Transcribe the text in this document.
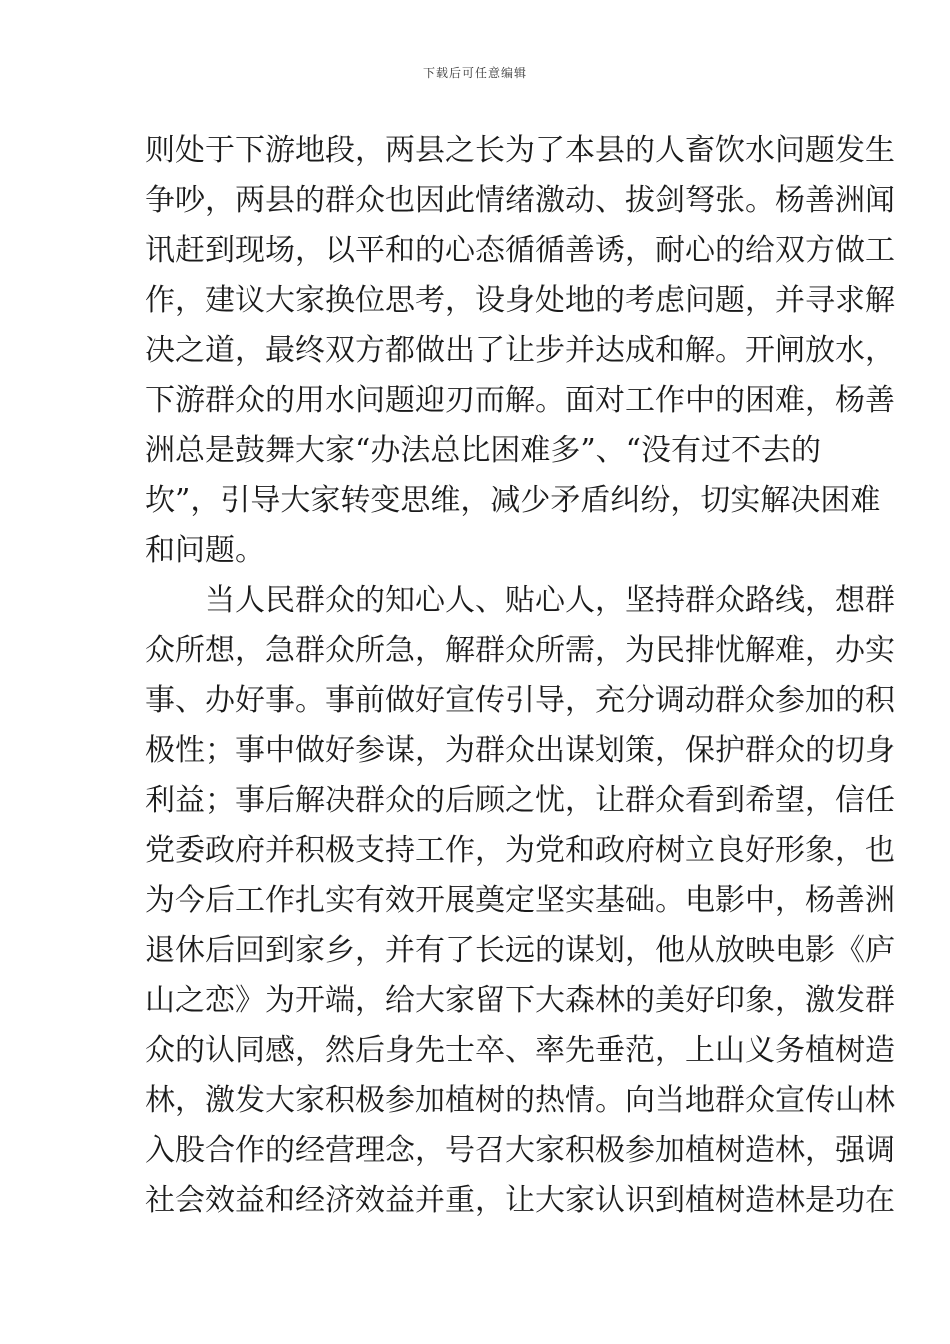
下载后可任意编辑
则处于下游地段，两县之长为了本县的人畜饮水问题发生
争吵，两县的群众也因此情绪激动、拔剑弩张。杨善洲闻
讯赶到现场，以平和的心态循循善诱，耐心的给双方做工
作，建议大家换位思考，设身处地的考虑问题，并寻求解
决之道，最终双方都做出了让步并达成和解。开闸放水，
下游群众的用水问题迎刃而解。面对工作中的困难，杨善
洲总是鼓舞大家“办法总比困难多”、“没有过不去的
坎”，引导大家转变思维，减少矛盾纠纷，切实解决困难
和问题。
　　当人民群众的知心人、贴心人，坚持群众路线，想群
众所想，急群众所急，解群众所需，为民排忧解难，办实
事、办好事。事前做好宣传引导，充分调动群众参加的积
极性；事中做好参谋，为群众出谋划策，保护群众的切身
利益；事后解决群众的后顾之忧，让群众看到希望，信任
党委政府并积极支持工作，为党和政府树立良好形象，也
为今后工作扎实有效开展奠定坚实基础。电影中，杨善洲
退休后回到家乡，并有了长远的谋划，他从放映电影《庐
山之恋》为开端，给大家留下大森林的美好印象，激发群
众的认同感，然后身先士卒、率先垂范，上山义务植树造
林，激发大家积极参加植树的热情。向当地群众宣传山林
入股合作的经营理念，号召大家积极参加植树造林，强调
社会效益和经济效益并重，让大家认识到植树造林是功在
